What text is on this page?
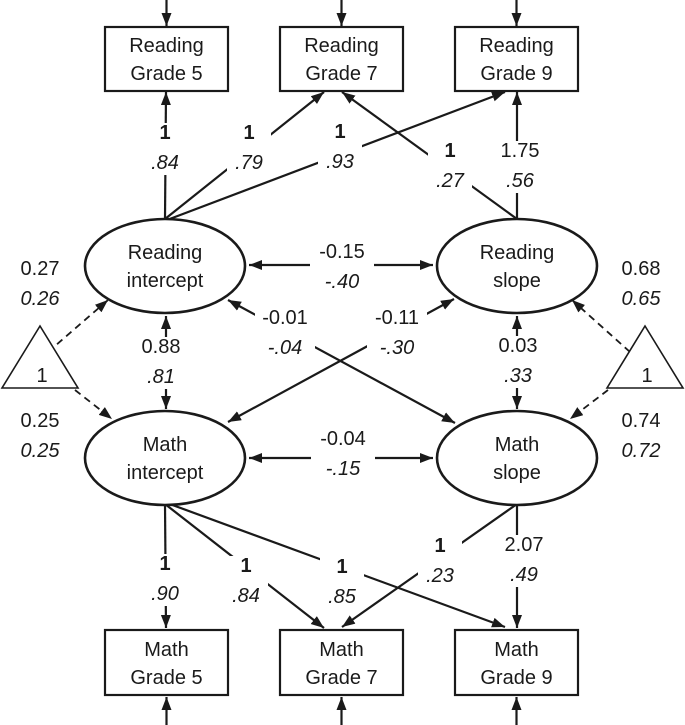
Reading
Grade 5
Reading
Grade 7
Reading
Grade 9
Math
Grade 5
Math
Grade 7
Math
Grade 9
Reading
intercept
Reading
slope
Math
intercept
Math
slope
1	1
1
.84
1
.79
1
.93	1
.27
1.75
.56
1
.90
1
.84
1
.85
1
.23
2.07
.49
-0.15
-.40
-0.04
-.15
0.88
.81
0.03
.33
-0.01
-.04
-0.11
-.30
0.27
0.26
0.25
0.25
0.68
0.65
0.74
0.72
